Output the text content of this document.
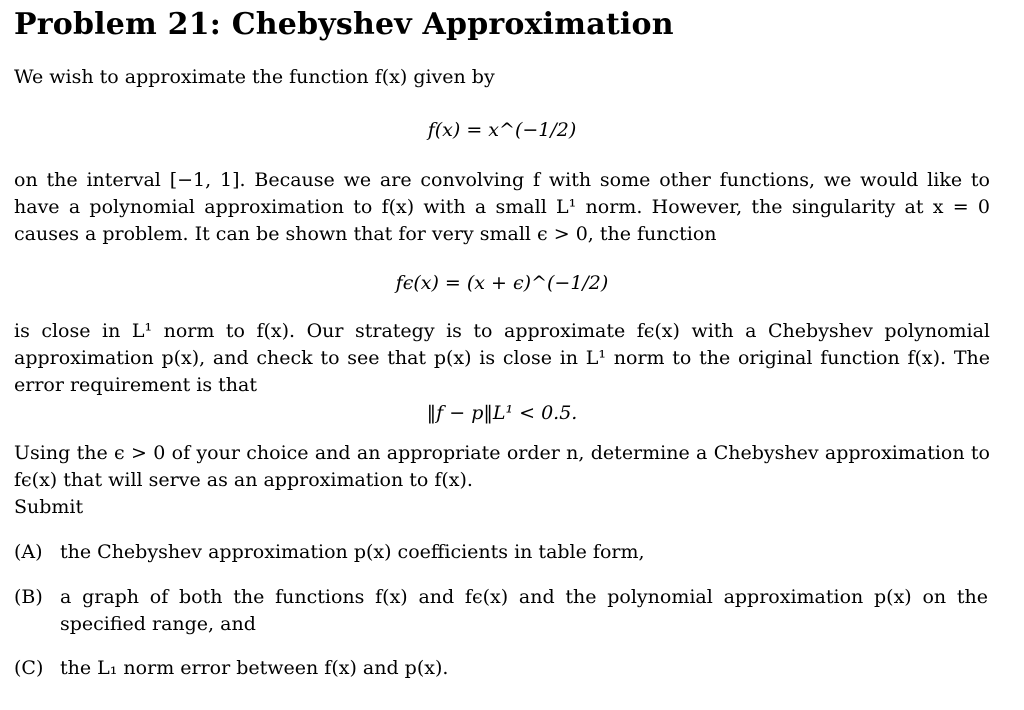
Problem 21: Chebyshev Approximation

We wish to approximate the function f(x) given by

f(x) = x^(−1/2)

on the interval [−1, 1]. Because we are convolving f with some other functions, we would like to have a polynomial approximation to f(x) with a small L¹ norm. However, the singularity at x = 0 causes a problem. It can be shown that for very small ϵ > 0, the function

fϵ(x) = (x + ϵ)^(−1/2)

is close in L¹ norm to f(x). Our strategy is to approximate fϵ(x) with a Chebyshev polynomial approximation p(x), and check to see that p(x) is close in L¹ norm to the original function f(x). The error requirement is that

‖f − p‖L¹ < 0.5.

Using the ϵ > 0 of your choice and an appropriate order n, determine a Chebyshev approximation to fϵ(x) that will serve as an approximation to f(x).

Submit

(A) the Chebyshev approximation p(x) coefficients in table form,
(B) a graph of both the functions f(x) and fϵ(x) and the polynomial approximation p(x) on the specified range, and
(C) the L₁ norm error between f(x) and p(x).
